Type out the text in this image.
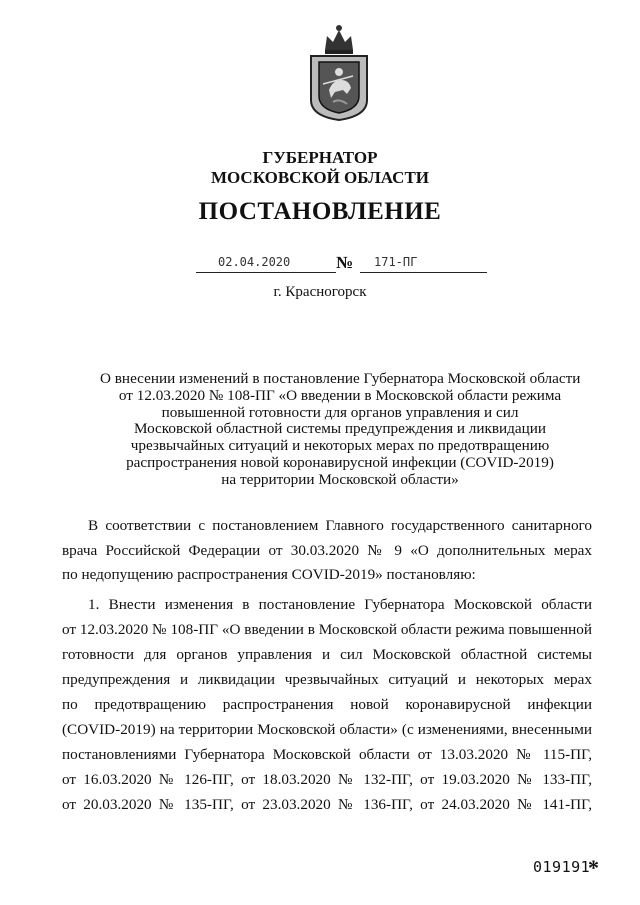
ГУБЕРНАТОР
МОСКОВСКОЙ ОБЛАСТИ
ПОСТАНОВЛЕНИЕ
02.04.2020	№ 171-ПГ
г. Красногорск
О внесении изменений в постановление Губернатора Московской области
от 12.03.2020 № 108-ПГ «О введении в Московской области режима
повышенной готовности для органов управления и сил
Московской областной системы предупреждения и ликвидации
чрезвычайных ситуаций и некоторых мерах по предотвращению
распространения новой коронавирусной инфекции (COVID-2019)
на территории Московской области»
В соответствии с постановлением Главного государственного санитарного
врача Российской Федерации от 30.03.2020 № 9 «О дополнительных мерах
по недопущению распространения COVID-2019» постановляю:
1. Внести изменения в постановление Губернатора Московской области
от 12.03.2020 № 108-ПГ «О введении в Московской области режима повышенной
готовности для органов управления и сил Московской областной системы
предупреждения и ликвидации чрезвычайных ситуаций и некоторых мерах
по предотвращению распространения новой коронавирусной инфекции
(COVID-2019) на территории Московской области» (с изменениями, внесенными
постановлениями Губернатора Московской области от 13.03.2020 № 115-ПГ,
от 16.03.2020 № 126-ПГ, от 18.03.2020 № 132-ПГ, от 19.03.2020 № 133-ПГ,
от 20.03.2020 № 135-ПГ, от 23.03.2020 № 136-ПГ, от 24.03.2020 № 141-ПГ,
019191
*
